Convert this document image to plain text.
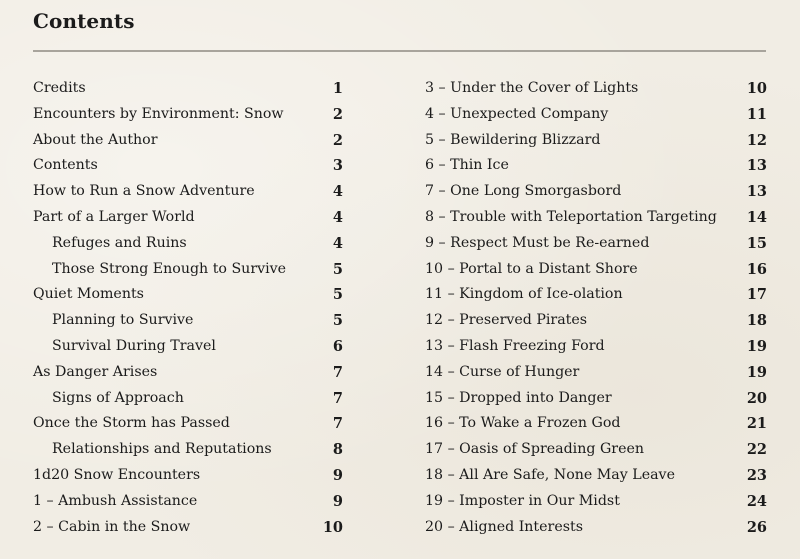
Contents
Credits	1
Encounters by Environment: Snow	2
About the Author	2
Contents	3
How to Run a Snow Adventure	4
Part of a Larger World	4
Refuges and Ruins	4
Those Strong Enough to Survive	5
Quiet Moments	5
Planning to Survive	5
Survival During Travel	6
As Danger Arises	7
Signs of Approach	7
Once the Storm has Passed	7
Relationships and Reputations	8
1d20 Snow Encounters	9
1 – Ambush Assistance	9
2 – Cabin in the Snow	10
3 – Under the Cover of Lights	10
4 – Unexpected Company	11
5 – Bewildering Blizzard	12
6 – Thin Ice	13
7 – One Long Smorgasbord	13
8 – Trouble with Teleportation Targeting 14
9 – Respect Must be Re-earned	15
10 – Portal to a Distant Shore	16
11 – Kingdom of Ice-olation	17
12 – Preserved Pirates	18
13 – Flash Freezing Ford	19
14 – Curse of Hunger	19
15 – Dropped into Danger	20
16 – To Wake a Frozen God	21
17 – Oasis of Spreading Green	22
18 – All Are Safe, None May Leave	23
19 – Imposter in Our Midst	24
20 – Aligned Interests	26
